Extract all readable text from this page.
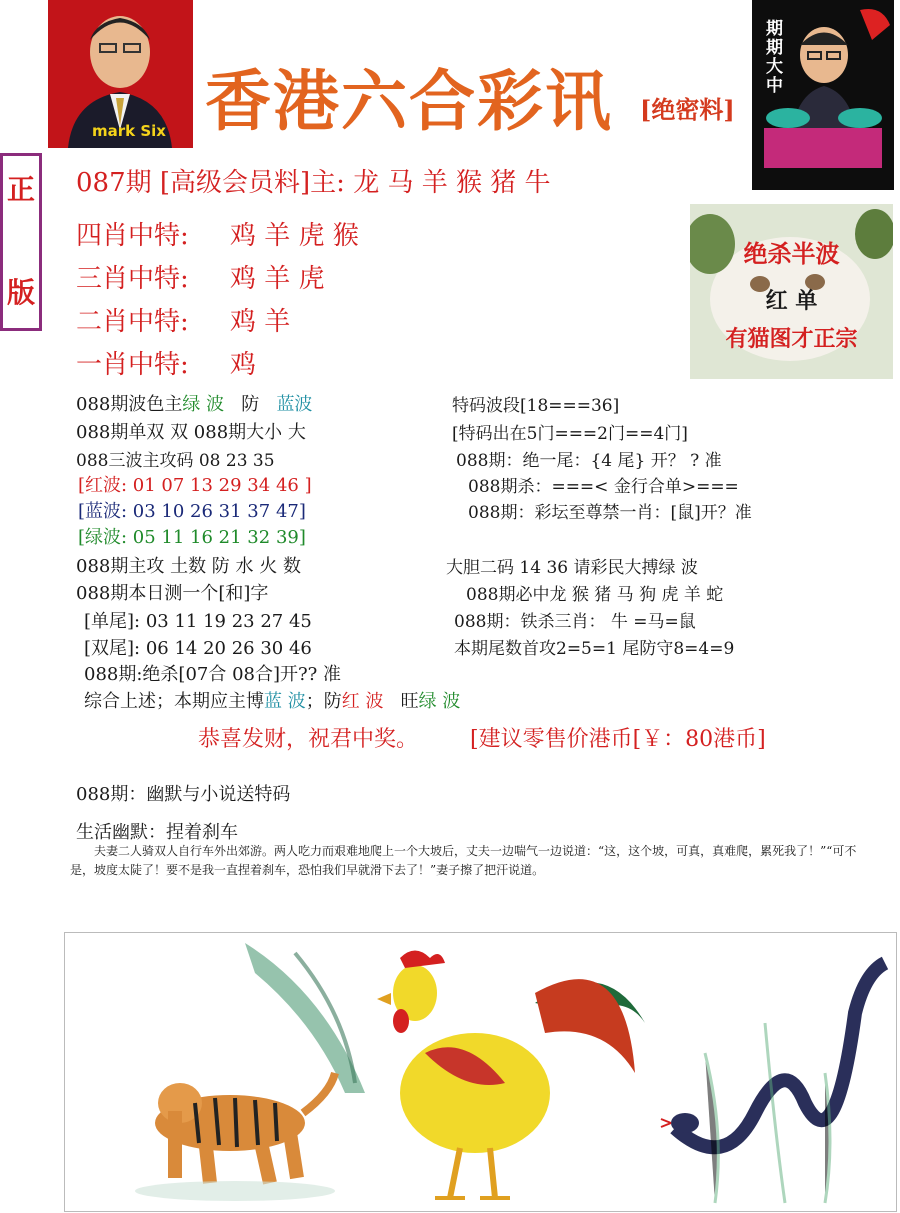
mark Six 香港六合彩讯 [绝密料]
期期大中
正
版
087期 [高级会员料]主: 龙 马 羊 猴 猪 牛
四肖中特: 鸡 羊 虎 猴
三肖中特: 鸡 羊 虎
二肖中特: 鸡 羊
一肖中特: 鸡
绝杀半波
红 单
有猫图才正宗
088期波色主绿 波 防 蓝波
088期单双 双 088期大小 大
088三波主攻码 08 23 35
[红波: 01 07 13 29 34 46 ]
[蓝波: 03 10 26 31 37 47]
[绿波: 05 11 16 21 32 39]
088期主攻 土数 防 水 火 数
088期本日测一个[和]字
[单尾]: 03 11 19 23 27 45
[双尾]: 06 14 20 26 30 46
088期:绝杀[07合 08合]开?? 准
综合上述；本期应主博蓝 波；防红 波 旺绿 波
特码波段[18===36]
[特码出在5门===2门==4门]
088期：绝一尾：{4 尾} 开？ ? 准
088期杀：===< 金行合单>===
088期：彩坛至尊禁一肖：[鼠]开？准
大胆二码 14 36 请彩民大搏绿 波
088期必中龙 猴 猪 马 狗 虎 羊 蛇
088期：铁杀三肖： 牛 =马=鼠
本期尾数首攻2=5=1 尾防守8=4=9
恭喜发财，祝君中奖。 [建议零售价港币[￥：80港币]
088期：幽默与小说送特码
生活幽默：捏着刹车
夫妻二人骑双人自行车外出郊游。两人吃力而艰难地爬上一个大坡后，丈夫一边喘气一边说道：“这，这个坡，可真，真难爬，累死我了！”“可不是，坡度太陡了！要不是我一直捏着刹车，恐怕我们早就滑下去了！”妻子擦了把汗说道。
